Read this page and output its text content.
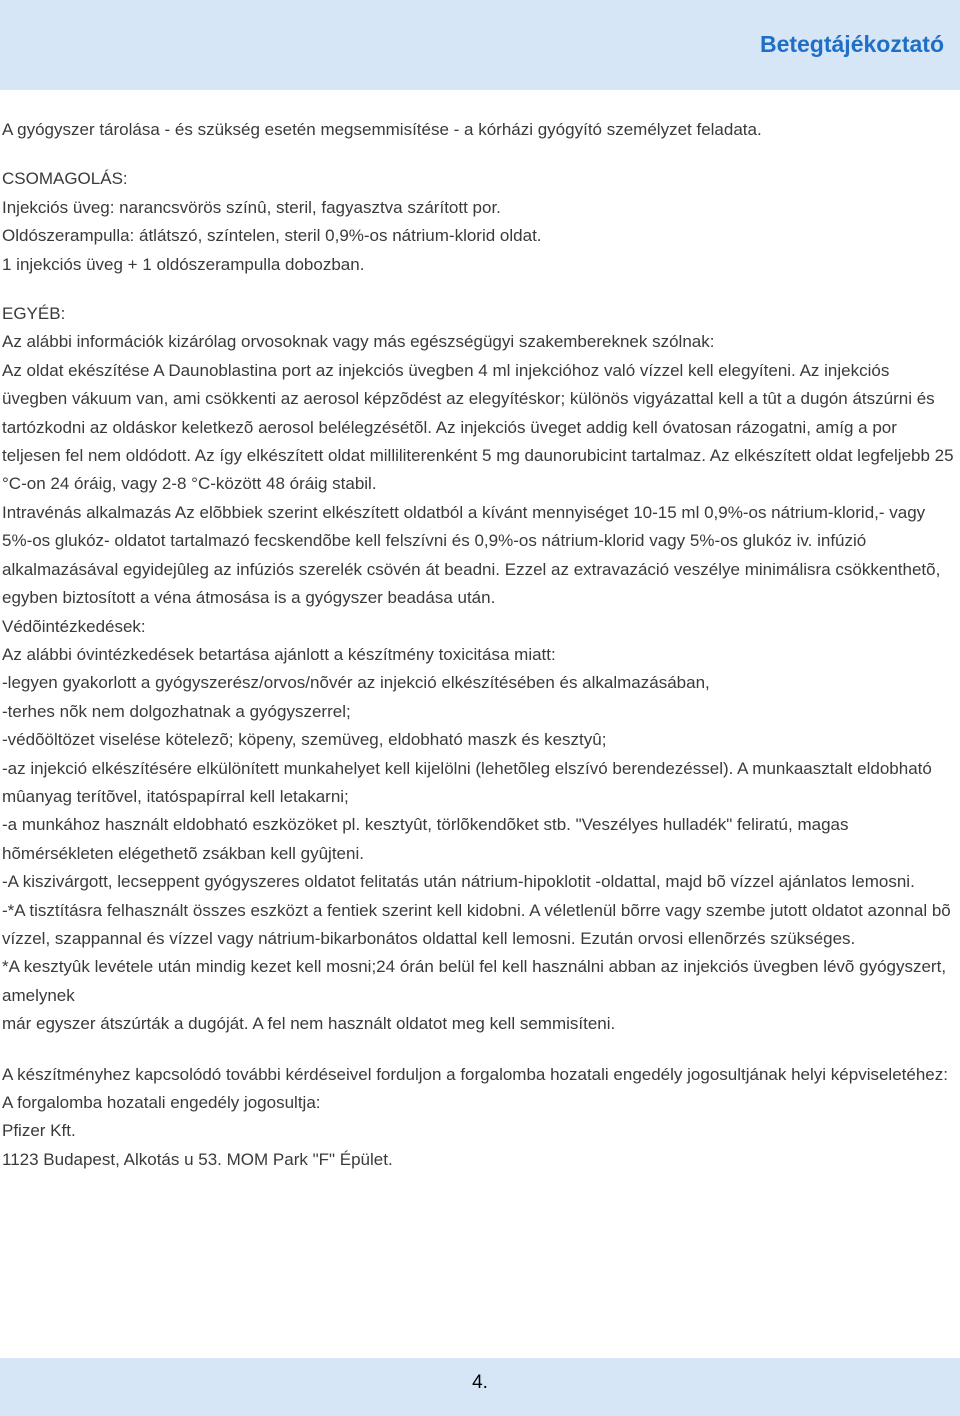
Betegtájékoztató

A gyógyszer tárolása - és szükség esetén megsemmisítése - a kórházi gyógyító személyzet feladata.

CSOMAGOLÁS:

Injekciós üveg: narancsvörös színû, steril, fagyasztva szárított por.

Oldószerampulla: átlátszó, színtelen, steril 0,9%-os nátrium-klorid oldat.

1 injekciós üveg + 1 oldószerampulla dobozban.

EGYÉB:

Az alábbi információk kizárólag orvosoknak vagy más egészségügyi szakembereknek szólnak:

Az oldat ekészítése A Daunoblastina port az injekciós üvegben 4 ml injekcióhoz való vízzel kell elegyíteni. Az injekciós üvegben vákuum van, ami csökkenti az aerosol képzõdést az elegyítéskor; különös vigyázattal kell a tût a dugón átszúrni és tartózkodni az oldáskor keletkezõ aerosol belélegzésétõl. Az injekciós üveget addig kell óvatosan rázogatni, amíg a por teljesen fel nem oldódott. Az így elkészített oldat milliliterenként 5 mg daunorubicint tartalmaz. Az elkészített oldat legfeljebb 25 °C-on 24 óráig, vagy 2-8 °C-között 48 óráig stabil.

Intravénás alkalmazás Az elõbbiek szerint elkészített oldatból a kívánt mennyiséget 10-15 ml 0,9%-os nátrium-klorid,- vagy 5%-os glukóz- oldatot tartalmazó fecskendõbe kell felszívni és 0,9%-os nátrium-klorid vagy 5%-os glukóz iv. infúzió alkalmazásával egyidejûleg az infúziós szerelék csövén át beadni. Ezzel az extravazáció veszélye minimálisra csökkenthetõ, egyben biztosított a véna átmosása is a gyógyszer beadása után.

Védõintézkedések:

Az alábbi óvintézkedések betartása ajánlott a készítmény toxicitása miatt:

-legyen gyakorlott a gyógyszerész/orvos/nõvér az injekció elkészítésében és alkalmazásában,

-terhes nõk nem dolgozhatnak a gyógyszerrel;

-védõöltözet viselése kötelezõ; köpeny, szemüveg, eldobható maszk és kesztyû;

-az injekció elkészítésére elkülönített munkahelyet kell kijelölni (lehetõleg elszívó berendezéssel). A munkaasztalt eldobható mûanyag terítõvel, itatóspapírral kell letakarni;

-a munkához használt eldobható eszközöket pl. kesztyût, törlõkendõket stb. "Veszélyes hulladék" feliratú, magas hõmérsékleten elégethetõ zsákban kell gyûjteni.

-A kiszivárgott, lecseppent gyógyszeres oldatot felitatás után nátrium-hipoklotit -oldattal, majd bõ vízzel ajánlatos lemosni.

-*A tisztításra felhasznált összes eszközt a fentiek szerint kell kidobni. A véletlenül bõrre vagy szembe jutott oldatot azonnal bõ vízzel, szappannal és vízzel vagy nátrium-bikarbonátos oldattal kell lemosni. Ezután orvosi ellenõrzés szükséges.

*A kesztyûk levétele után mindig kezet kell mosni;24 órán belül fel kell használni abban az injekciós üvegben lévõ gyógyszert, amelynek

már egyszer átszúrták a dugóját. A fel nem használt oldatot meg kell semmisíteni.

A készítményhez kapcsolódó további kérdéseivel forduljon a forgalomba hozatali engedély jogosultjának helyi képviseletéhez:

A forgalomba hozatali engedély jogosultja:

Pfizer Kft.

1123 Budapest, Alkotás u 53. MOM Park "F" Épület.

4.
